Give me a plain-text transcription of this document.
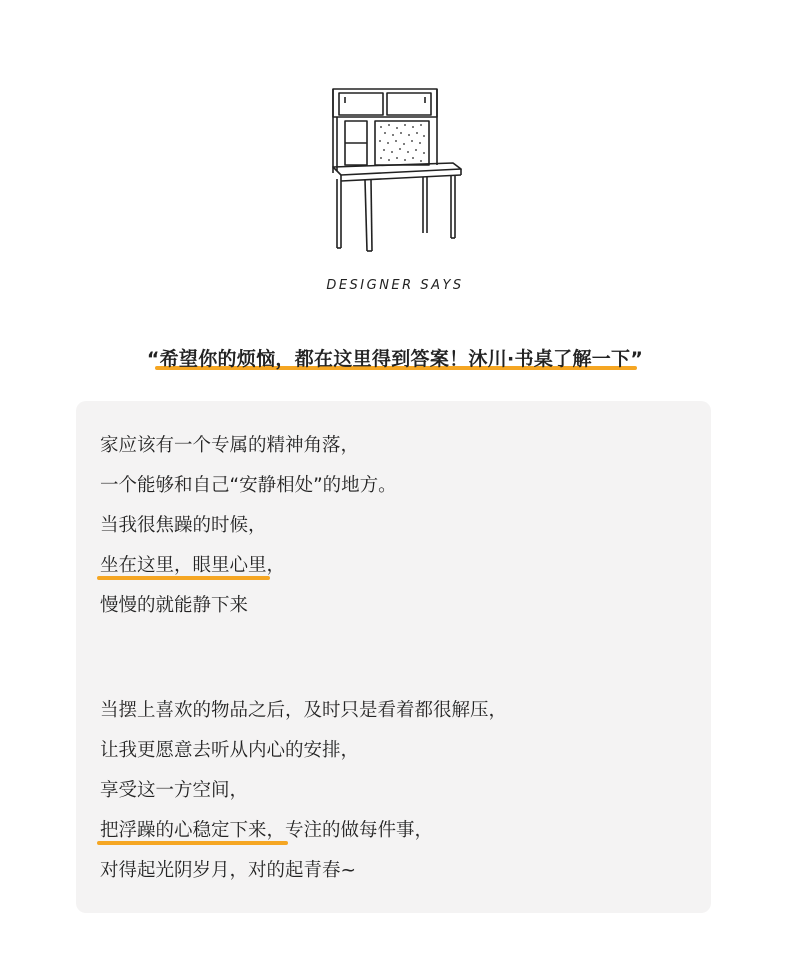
DESIGNER SAYS
“希望你的烦恼，都在这里得到答案！沐川·书桌了解一下”
家应该有一个专属的精神角落，
一个能够和自己“安静相处”的地方。
当我很焦躁的时候，
坐在这里，眼里心里，
慢慢的就能静下来
当摆上喜欢的物品之后，及时只是看着都很解压，
让我更愿意去听从内心的安排，
享受这一方空间，
把浮躁的心稳定下来，专注的做每件事，
对得起光阴岁月，对的起青春~
